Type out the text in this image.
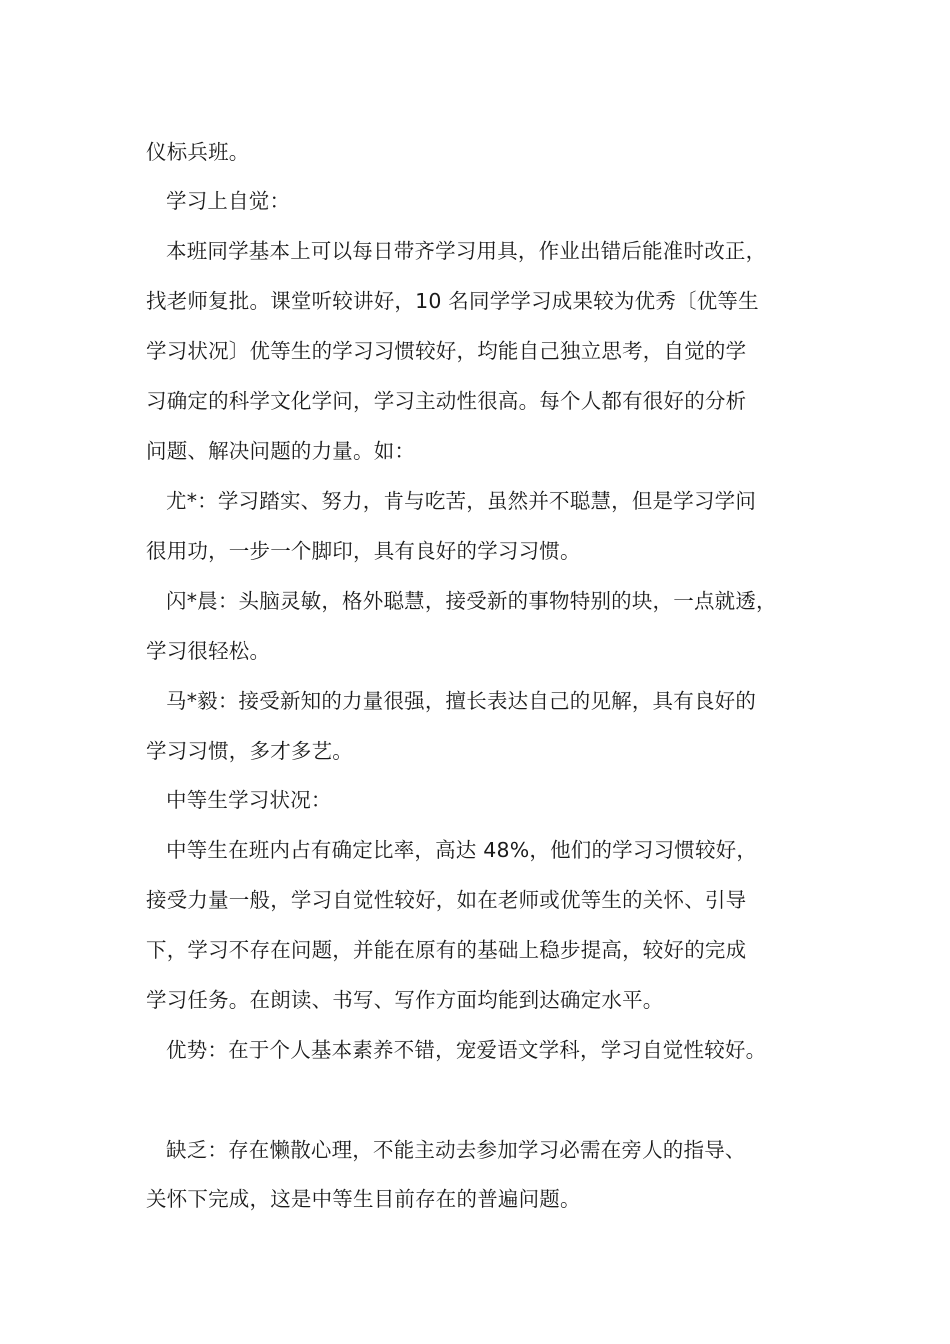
仪标兵班。
学习上自觉：
本班同学基本上可以每日带齐学习用具，作业出错后能准时改正，
找老师复批。课堂听较讲好，10 名同学学习成果较为优秀〔优等生
学习状况〕优等生的学习习惯较好，均能自己独立思考，自觉的学
习确定的科学文化学问，学习主动性很高。每个人都有很好的分析
问题、解决问题的力量。如：
尤*：学习踏实、努力，肯与吃苦，虽然并不聪慧，但是学习学问
很用功，一步一个脚印，具有良好的学习习惯。
闪*晨：头脑灵敏，格外聪慧，接受新的事物特别的块，一点就透，
学习很轻松。
马*毅：接受新知的力量很强，擅长表达自己的见解，具有良好的
学习习惯，多才多艺。
中等生学习状况：
中等生在班内占有确定比率，高达 48%，他们的学习习惯较好，
接受力量一般，学习自觉性较好，如在老师或优等生的关怀、引导
下，学习不存在问题，并能在原有的基础上稳步提高，较好的完成
学习任务。在朗读、书写、写作方面均能到达确定水平。
优势：在于个人基本素养不错，宠爱语文学科，学习自觉性较好。
缺乏：存在懒散心理，不能主动去参加学习必需在旁人的指导、
关怀下完成，这是中等生目前存在的普遍问题。
